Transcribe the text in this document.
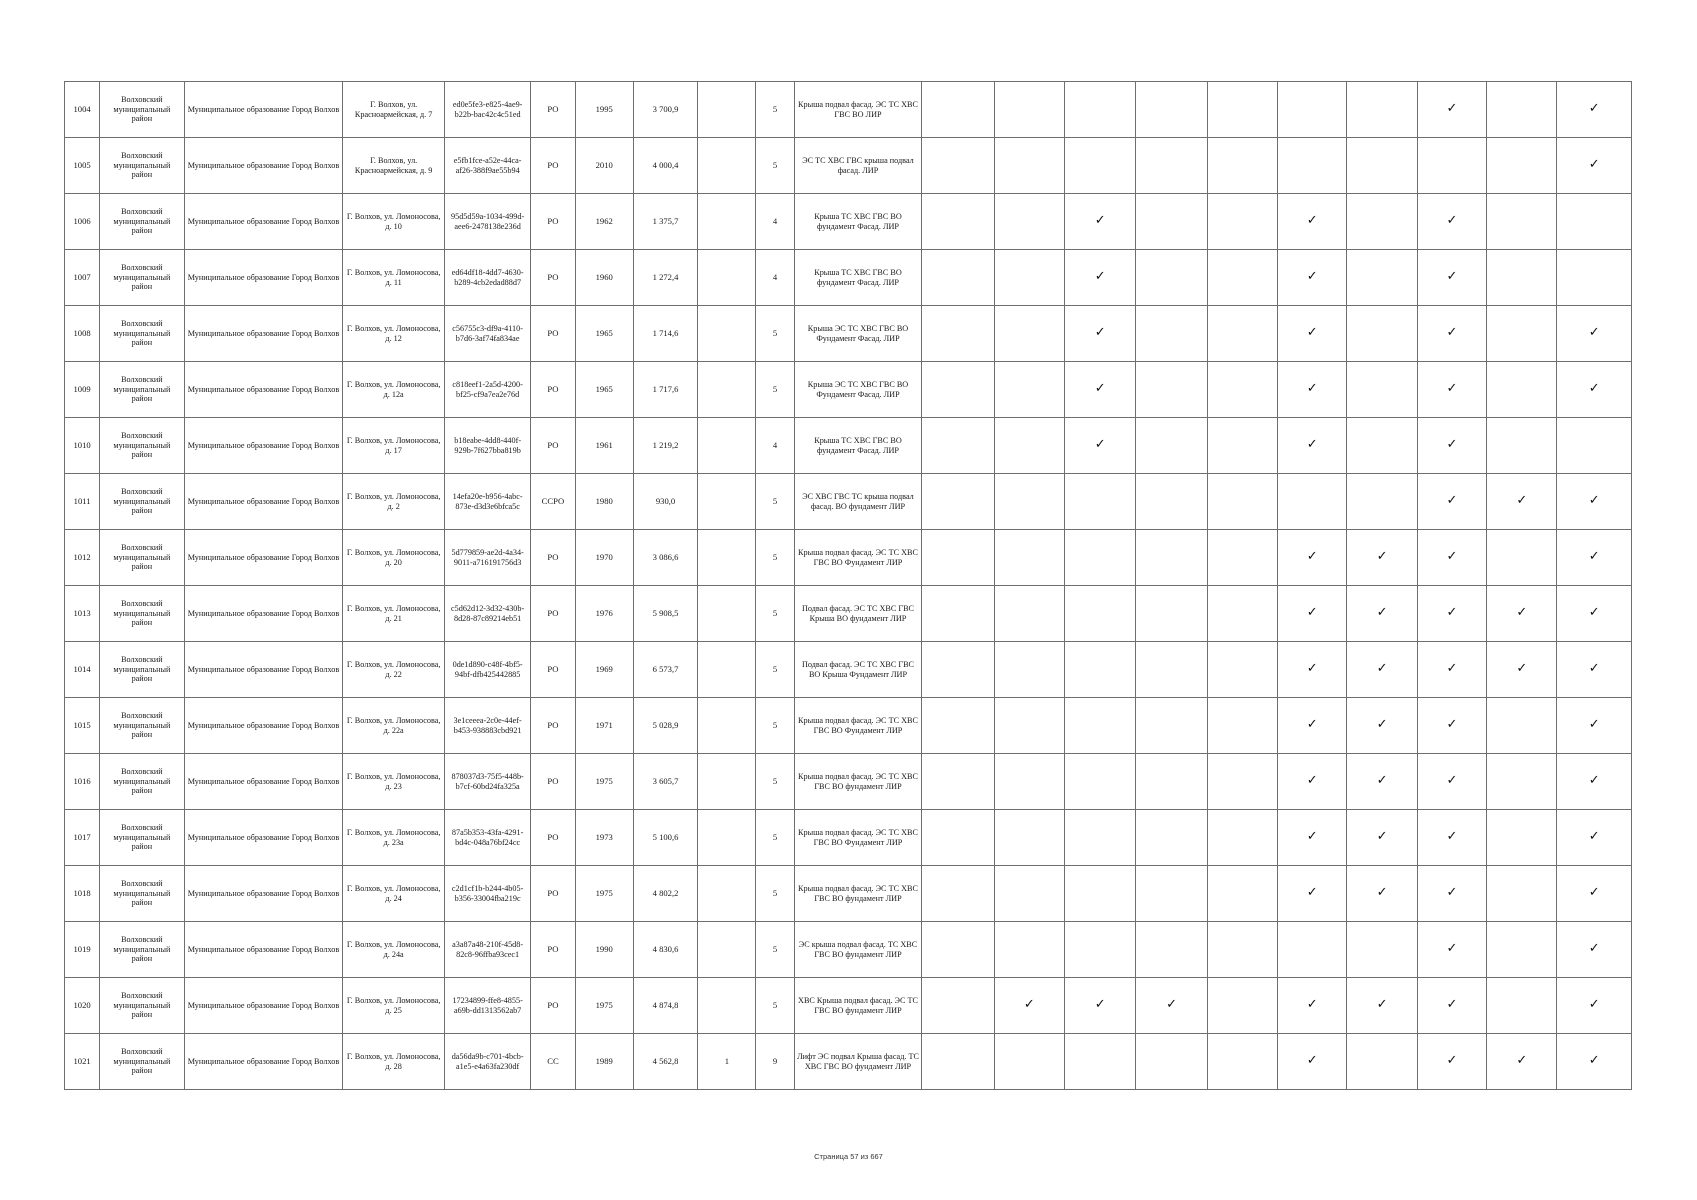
1004	Волховский муниципальный район	Муниципальное образование Город Волхов	Г. Волхов, ул. Красноармейская, д. 7	ed0e5fe3-e825-4ae9-b22b-bac42c4c51ed	РО	1995	3 700,9		5	Крыша подвал фасад. ЭС ТС ХВС ГВС ВО ЛИР								✓		✓
1005	Волховский муниципальный район	Муниципальное образование Город Волхов	Г. Волхов, ул. Красноармейская, д. 9	e5fb1fce-a52e-44ca-af26-388f9ae55b94	РО	2010	4 000,4		5	ЭС ТС ХВС ГВС крыша подвал фасад. ЛИР										✓
1006	Волховский муниципальный район	Муниципальное образование Город Волхов	Г. Волхов, ул. Ломоносова, д. 10	95d5d59a-1034-499d-aee6-2478138e236d	РО	1962	1 375,7		4	Крыша ТС ХВС ГВС ВО фундамент Фасад. ЛИР			✓			✓		✓		
1007	Волховский муниципальный район	Муниципальное образование Город Волхов	Г. Волхов, ул. Ломоносова, д. 11	ed64df18-4dd7-4630-b289-4cb2edad88d7	РО	1960	1 272,4		4	Крыша ТС ХВС ГВС ВО фундамент Фасад. ЛИР			✓			✓		✓		
1008	Волховский муниципальный район	Муниципальное образование Город Волхов	Г. Волхов, ул. Ломоносова, д. 12	c56755c3-df9a-4110-b7d6-3af74fa834ae	РО	1965	1 714,6		5	Крыша ЭС ТС ХВС ГВС ВО Фундамент Фасад. ЛИР			✓			✓		✓		✓
1009	Волховский муниципальный район	Муниципальное образование Город Волхов	Г. Волхов, ул. Ломоносова, д. 12а	c818eef1-2a5d-4200-bf25-cf9a7ea2e76d	РО	1965	1 717,6		5	Крыша ЭС ТС ХВС ГВС ВО Фундамент Фасад. ЛИР			✓			✓		✓		✓
1010	Волховский муниципальный район	Муниципальное образование Город Волхов	Г. Волхов, ул. Ломоносова, д. 17	b18eabe-4dd8-440f-929b-7f627bba819b	РО	1961	1 219,2		4	Крыша ТС ХВС ГВС ВО фундамент Фасад. ЛИР			✓			✓		✓		
1011	Волховский муниципальный район	Муниципальное образование Город Волхов	Г. Волхов, ул. Ломоносова, д. 2	14efa20e-b956-4abc-873e-d3d3e6bfca5c	ССРО	1980	930,0		5	ЭС ХВС ГВС ТС крыша подвал фасад. ВО фундамент ЛИР								✓	✓	✓
1012	Волховский муниципальный район	Муниципальное образование Город Волхов	Г. Волхов, ул. Ломоносова, д. 20	5d779859-ae2d-4a34-9011-a716191756d3	РО	1970	3 086,6		5	Крыша подвал фасад. ЭС ТС ХВС ГВС ВО Фундамент ЛИР						✓	✓	✓		✓
1013	Волховский муниципальный район	Муниципальное образование Город Волхов	Г. Волхов, ул. Ломоносова, д. 21	c5d62d12-3d32-430b-8d28-87c89214eb51	РО	1976	5 908,5		5	Подвал фасад. ЭС ТС ХВС ГВС Крыша ВО фундамент ЛИР						✓	✓	✓	✓	✓
1014	Волховский муниципальный район	Муниципальное образование Город Волхов	Г. Волхов, ул. Ломоносова, д. 22	0de1d890-c48f-4bf5-94bf-dfb425442885	РО	1969	6 573,7		5	Подвал фасад. ЭС ТС ХВС ГВС ВО Крыша Фундамент ЛИР						✓	✓	✓	✓	✓
1015	Волховский муниципальный район	Муниципальное образование Город Волхов	Г. Волхов, ул. Ломоносова, д. 22а	3e1ceeea-2c0e-44ef-b453-938883cbd921	РО	1971	5 028,9		5	Крыша подвал фасад. ЭС ТС ХВС ГВС ВО Фундамент ЛИР						✓	✓	✓		✓
1016	Волховский муниципальный район	Муниципальное образование Город Волхов	Г. Волхов, ул. Ломоносова, д. 23	878037d3-75f5-448b-b7cf-60bd24fa325a	РО	1975	3 605,7		5	Крыша подвал фасад. ЭС ТС ХВС ГВС ВО фундамент ЛИР						✓	✓	✓		✓
1017	Волховский муниципальный район	Муниципальное образование Город Волхов	Г. Волхов, ул. Ломоносова, д. 23а	87a5b353-43fa-4291-bd4c-048a76bf24cc	РО	1973	5 100,6		5	Крыша подвал фасад. ЭС ТС ХВС ГВС ВО Фундамент ЛИР						✓	✓	✓		✓
1018	Волховский муниципальный район	Муниципальное образование Город Волхов	Г. Волхов, ул. Ломоносова, д. 24	c2d1cf1b-b244-4b05-b356-33004fba219c	РО	1975	4 802,2		5	Крыша подвал фасад. ЭС ТС ХВС ГВС ВО фундамент ЛИР						✓	✓	✓		✓
1019	Волховский муниципальный район	Муниципальное образование Город Волхов	Г. Волхов, ул. Ломоносова, д. 24а	a3a87a48-210f-45d8-82c8-96ffba93cec1	РО	1990	4 830,6		5	ЭС крыша подвал фасад. ТС ХВС ГВС ВО фундамент ЛИР								✓		✓
1020	Волховский муниципальный район	Муниципальное образование Город Волхов	Г. Волхов, ул. Ломоносова, д. 25	17234899-ffe8-4855-a69b-dd1313562ab7	РО	1975	4 874,8		5	ХВС Крыша подвал фасад. ЭС ТС ГВС ВО фундамент ЛИР		✓	✓	✓		✓	✓	✓		✓
1021	Волховский муниципальный район	Муниципальное образование Город Волхов	Г. Волхов, ул. Ломоносова, д. 28	da56da9b-c701-4bcb-a1e5-e4a63fa230df	СС	1989	4 562,8	1	9	Лифт ЭС подвал Крыша фасад. ТС ХВС ГВС ВО фундамент ЛИР						✓		✓	✓	✓
Страница 57 из 667
